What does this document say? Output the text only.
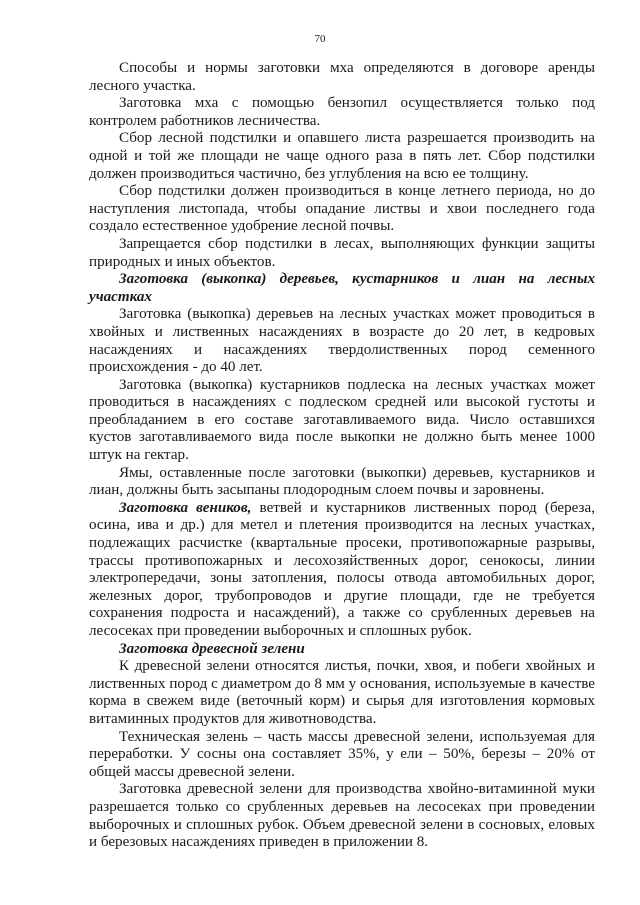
70

Способы и нормы заготовки мха определяются в договоре аренды лесного участка.

Заготовка мха с помощью бензопил осуществляется только под контролем работников лесничества.

Сбор лесной подстилки и опавшего листа разрешается производить на одной и той же площади не чаще одного раза в пять лет. Сбор подстилки должен производиться частично, без углубления на всю ее толщину.

Сбор подстилки должен производиться в конце летнего периода, но до наступления листопада, чтобы опадание листвы и хвои последнего года создало естественное удобрение лесной почвы.

Запрещается сбор подстилки в лесах, выполняющих функции защиты природных и иных объектов.

Заготовка (выкопка) деревьев, кустарников и лиан на лесных участках

Заготовка (выкопка) деревьев на лесных участках может проводиться в хвойных и лиственных насаждениях в возрасте до 20 лет, в кедровых насаждениях и насаждениях твердолиственных пород семенного происхождения - до 40 лет.

Заготовка (выкопка) кустарников подлеска на лесных участках может проводиться в насаждениях с подлеском средней или высокой густоты и преобладанием в его составе заготавливаемого вида. Число оставшихся кустов заготавливаемого вида после выкопки не должно быть менее 1000 штук на гектар.

Ямы, оставленные после заготовки (выкопки) деревьев, кустарников и лиан, должны быть засыпаны плодородным слоем почвы и заровнены.

Заготовка веников, ветвей и кустарников лиственных пород (береза, осина, ива и др.) для метел и плетения производится на лесных участках, подлежащих расчистке (квартальные просеки, противопожарные разрывы, трассы противопожарных и лесохозяйственных дорог, сенокосы, линии электропередачи, зоны затопления, полосы отвода автомобильных дорог, железных дорог, трубопроводов и другие площади, где не требуется сохранения подроста и насаждений), а также со срубленных деревьев на лесосеках при проведении выборочных и сплошных рубок.

Заготовка древесной зелени

К древесной зелени относятся листья, почки, хвоя, и побеги хвойных и лиственных пород с диаметром до 8 мм у основания, используемые в качестве корма в свежем виде (веточный корм) и сырья для изготовления кормовых витаминных продуктов для животноводства.

Техническая зелень – часть массы древесной зелени, используемая для переработки. У сосны она составляет 35%, у ели – 50%, березы – 20% от общей массы древесной зелени.

Заготовка древесной зелени для производства хвойно-витаминной муки разрешается только со срубленных деревьев на лесосеках при проведении выборочных и сплошных рубок. Объем древесной зелени в сосновых, еловых и березовых насаждениях приведен в приложении 8.
